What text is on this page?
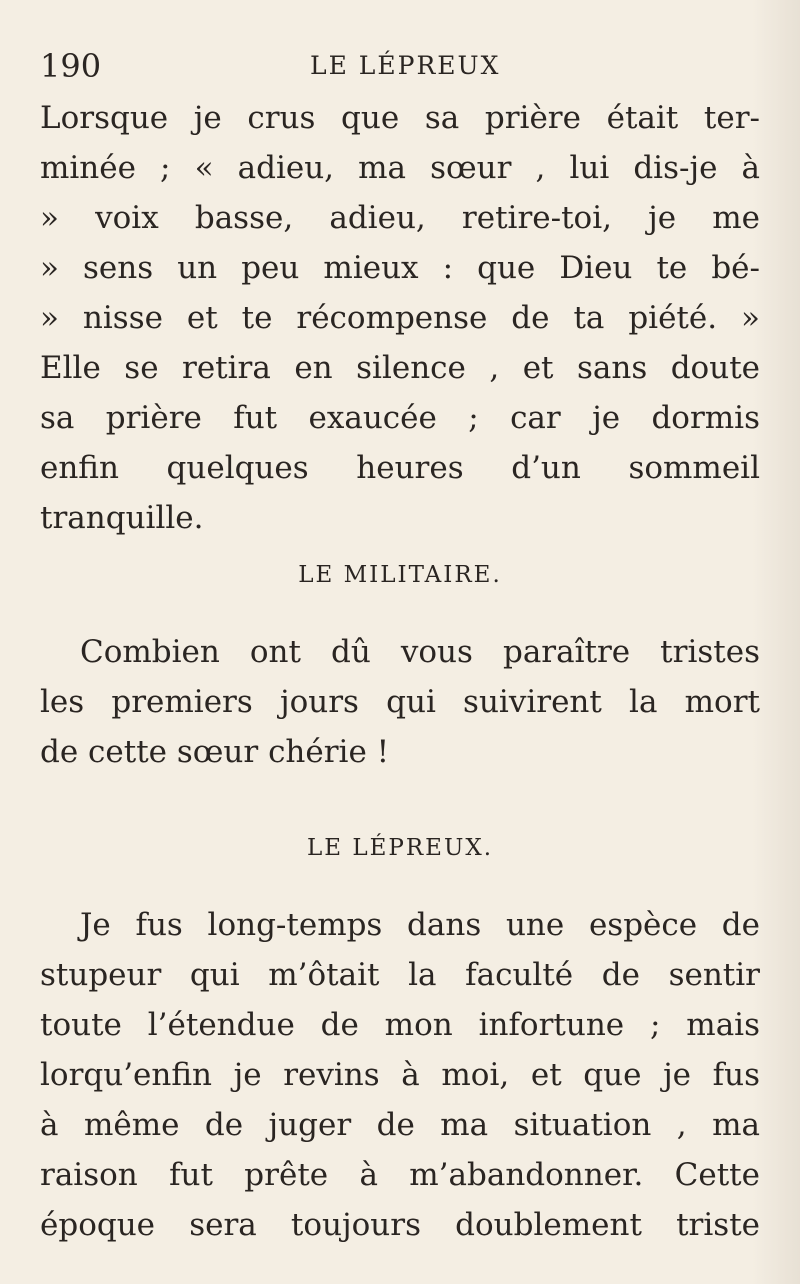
190	LE LÉPREUX
Lorsque je crus que sa prière était ter-
minée ; « adieu, ma sœur , lui dis-je à
» voix basse, adieu, retire-toi, je me
» sens un peu mieux : que Dieu te bé-
» nisse et te récompense de ta piété. »
Elle se retira en silence , et sans doute
sa prière fut exaucée ; car je dormis
enfin quelques heures d’un sommeil
tranquille.
LE MILITAIRE.
Combien ont dû vous paraître tristes
les premiers jours qui suivirent la mort
de cette sœur chérie !
LE LÉPREUX.
Je fus long-temps dans une espèce de
stupeur qui m’ôtait la faculté de sentir
toute l’étendue de mon infortune ; mais
lorqu’enfin je revins à moi, et que je fus
à même de juger de ma situation , ma
raison fut prête à m’abandonner. Cette
époque sera toujours doublement triste
